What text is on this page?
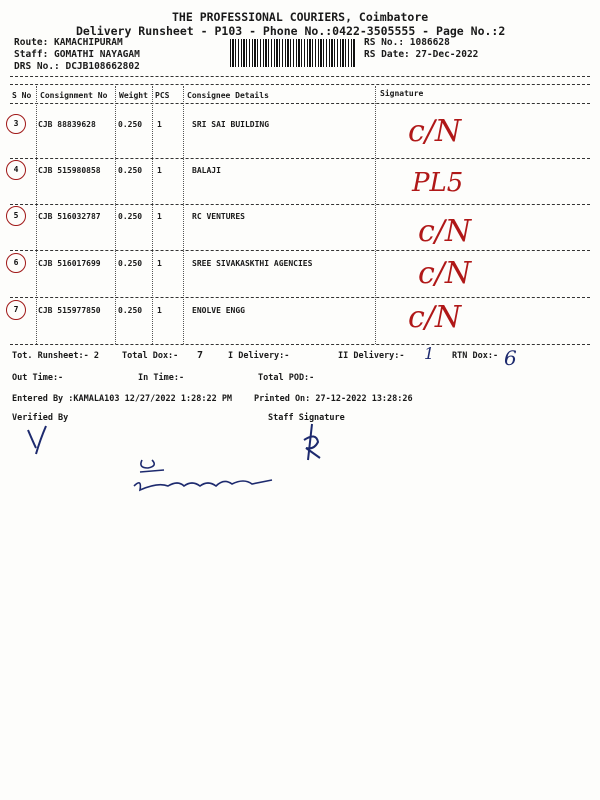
THE PROFESSIONAL COURIERS, Coimbatore
Delivery Runsheet - P103 - Phone No.:0422-3505555 - Page No.:2
Route: KAMACHIPURAM
Staff: GOMATHI NAYAGAM
DRS No.: DCJB108662802
RS No.: 1086628
RS Date: 27-Dec-2022
S No Consignment No Weight PCS Consignee Details	Signature
3	CJB 88839628	0.250 1	SRI SAI BUILDING	c/N
4	CJB 515980858 0.250 1	BALAJI	PL5
5	CJB 516032787 0.250 1	RC VENTURES	c/N
6	CJB 516017699 0.250 1	SREE SIVAKASKTHI AGENCIES	c/N
7	CJB 515977850 0.250 1	ENOLVE ENGG	c/N
Tot. Runsheet:- 2	Total Dox:- 7	I Delivery:-	II Delivery:- 1 RTN Dox:- 6
Out Time:-	In Time:-	Total POD:-
Entered By :KAMALA103 12/27/2022 1:28:22 PM	Printed On: 27-12-2022 13:28:26
Verified By	Staff Signature
